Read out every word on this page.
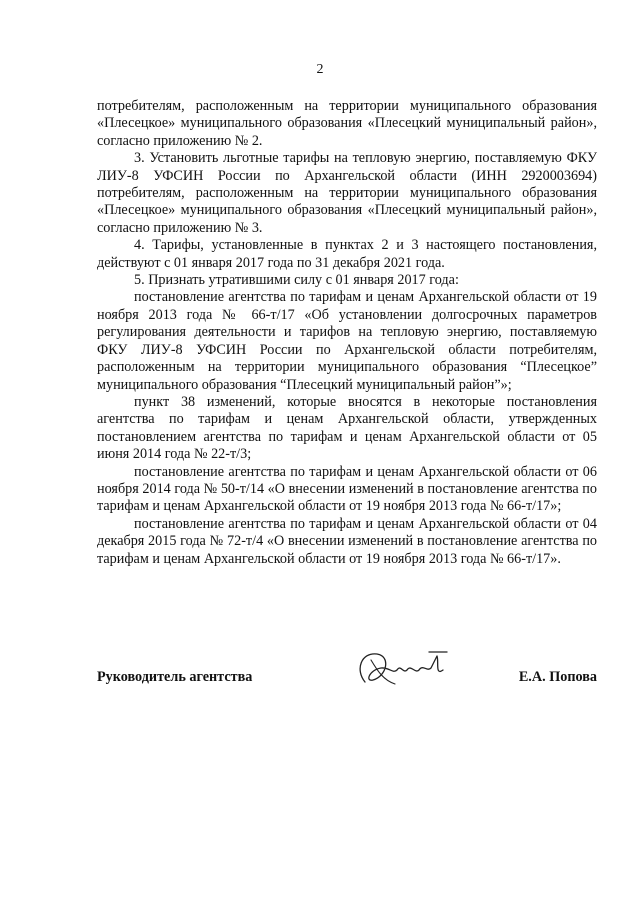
2

потребителям, расположенным на территории муниципального образования «Плесецкое» муниципального образования «Плесецкий муниципальный район», согласно приложению № 2.

3. Установить льготные тарифы на тепловую энергию, поставляемую ФКУ ЛИУ-8 УФСИН России по Архангельской области (ИНН 2920003694) потребителям, расположенным на территории муниципального образования «Плесецкое» муниципального образования «Плесецкий муниципальный район», согласно приложению № 3.

4. Тарифы, установленные в пунктах 2 и 3 настоящего постановления, действуют с 01 января 2017 года по 31 декабря 2021 года.

5. Признать утратившими силу с 01 января 2017 года:

постановление агентства по тарифам и ценам Архангельской области от 19 ноября 2013 года № 66-т/17 «Об установлении долгосрочных параметров регулирования деятельности и тарифов на тепловую энергию, поставляемую ФКУ ЛИУ-8 УФСИН России по Архангельской области потребителям, расположенным на территории муниципального образования “Плесецкое” муниципального образования “Плесецкий муниципальный район”»;

пункт 38 изменений, которые вносятся в некоторые постановления агентства по тарифам и ценам Архангельской области, утвержденных постановлением агентства по тарифам и ценам Архангельской области от 05 июня 2014 года № 22-т/3;

постановление агентства по тарифам и ценам Архангельской области от 06 ноября 2014 года № 50-т/14 «О внесении изменений в постановление агентства по тарифам и ценам Архангельской области от 19 ноября 2013 года № 66-т/17»;

постановление агентства по тарифам и ценам Архангельской области от 04 декабря 2015 года № 72-т/4 «О внесении изменений в постановление агентства по тарифам и ценам Архангельской области от 19 ноября 2013 года № 66-т/17».

Руководитель агентства	Е.А. Попова
